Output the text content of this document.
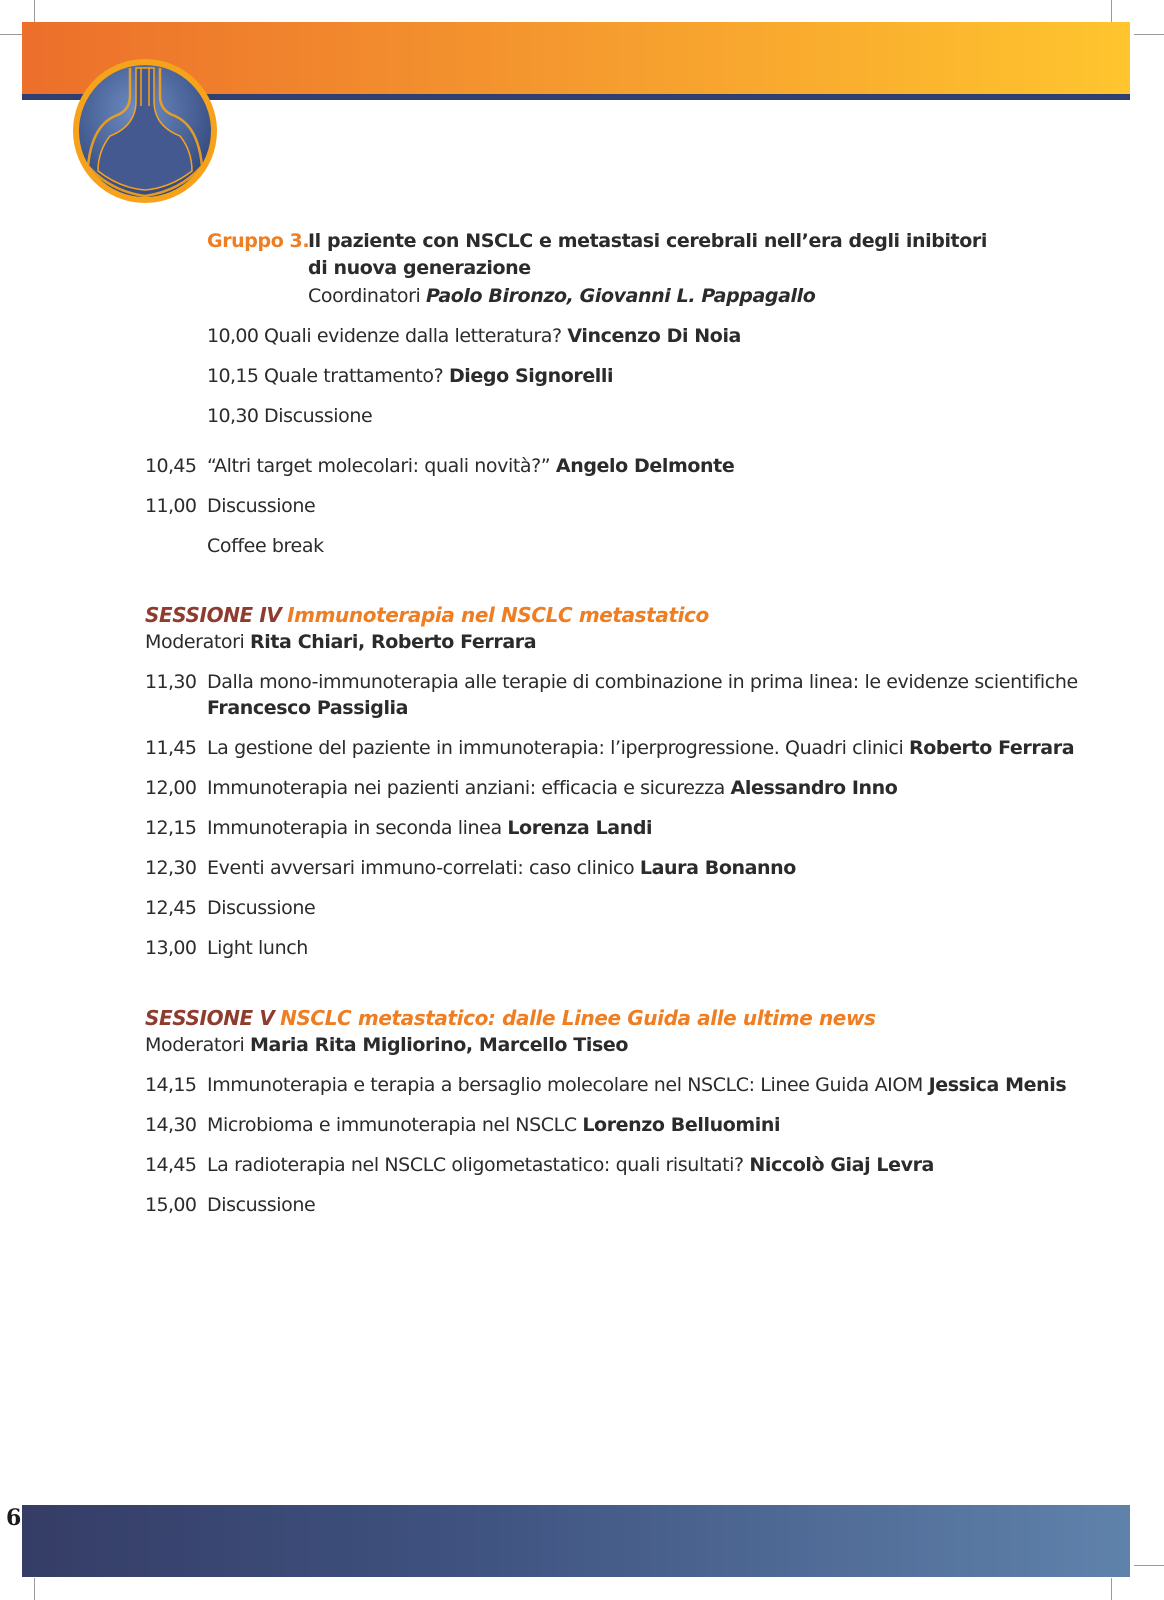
Gruppo 3.
Il paziente con NSCLC e metastasi cerebrali nell’era degli inibitori
di nuova generazione
Coordinatori Paolo Bironzo, Giovanni L. Pappagallo
10,00 Quali evidenze dalla letteratura? Vincenzo Di Noia
10,15 Quale trattamento? Diego Signorelli
10,30 Discussione
10,45 “Altri target molecolari: quali novità?” Angelo Delmonte
11,00 Discussione
Coffee break
SESSIONE IV Immunoterapia nel NSCLC metastatico
Moderatori Rita Chiari, Roberto Ferrara
11,30 Dalla mono-immunoterapia alle terapie di combinazione in prima linea: le evidenze scientifiche
Francesco Passiglia
11,45 La gestione del paziente in immunoterapia: l’iperprogressione. Quadri clinici Roberto Ferrara
12,00 Immunoterapia nei pazienti anziani: efficacia e sicurezza Alessandro Inno
12,15 Immunoterapia in seconda linea Lorenza Landi
12,30 Eventi avversari immuno-correlati: caso clinico Laura Bonanno
12,45 Discussione
13,00 Light lunch
SESSIONE V NSCLC metastatico: dalle Linee Guida alle ultime news
Moderatori Maria Rita Migliorino, Marcello Tiseo
14,15 Immunoterapia e terapia a bersaglio molecolare nel NSCLC: Linee Guida AIOM Jessica Menis
14,30 Microbioma e immunoterapia nel NSCLC Lorenzo Belluomini
14,45 La radioterapia nel NSCLC oligometastatico: quali risultati? Niccolò Giaj Levra
15,00 Discussione
6
